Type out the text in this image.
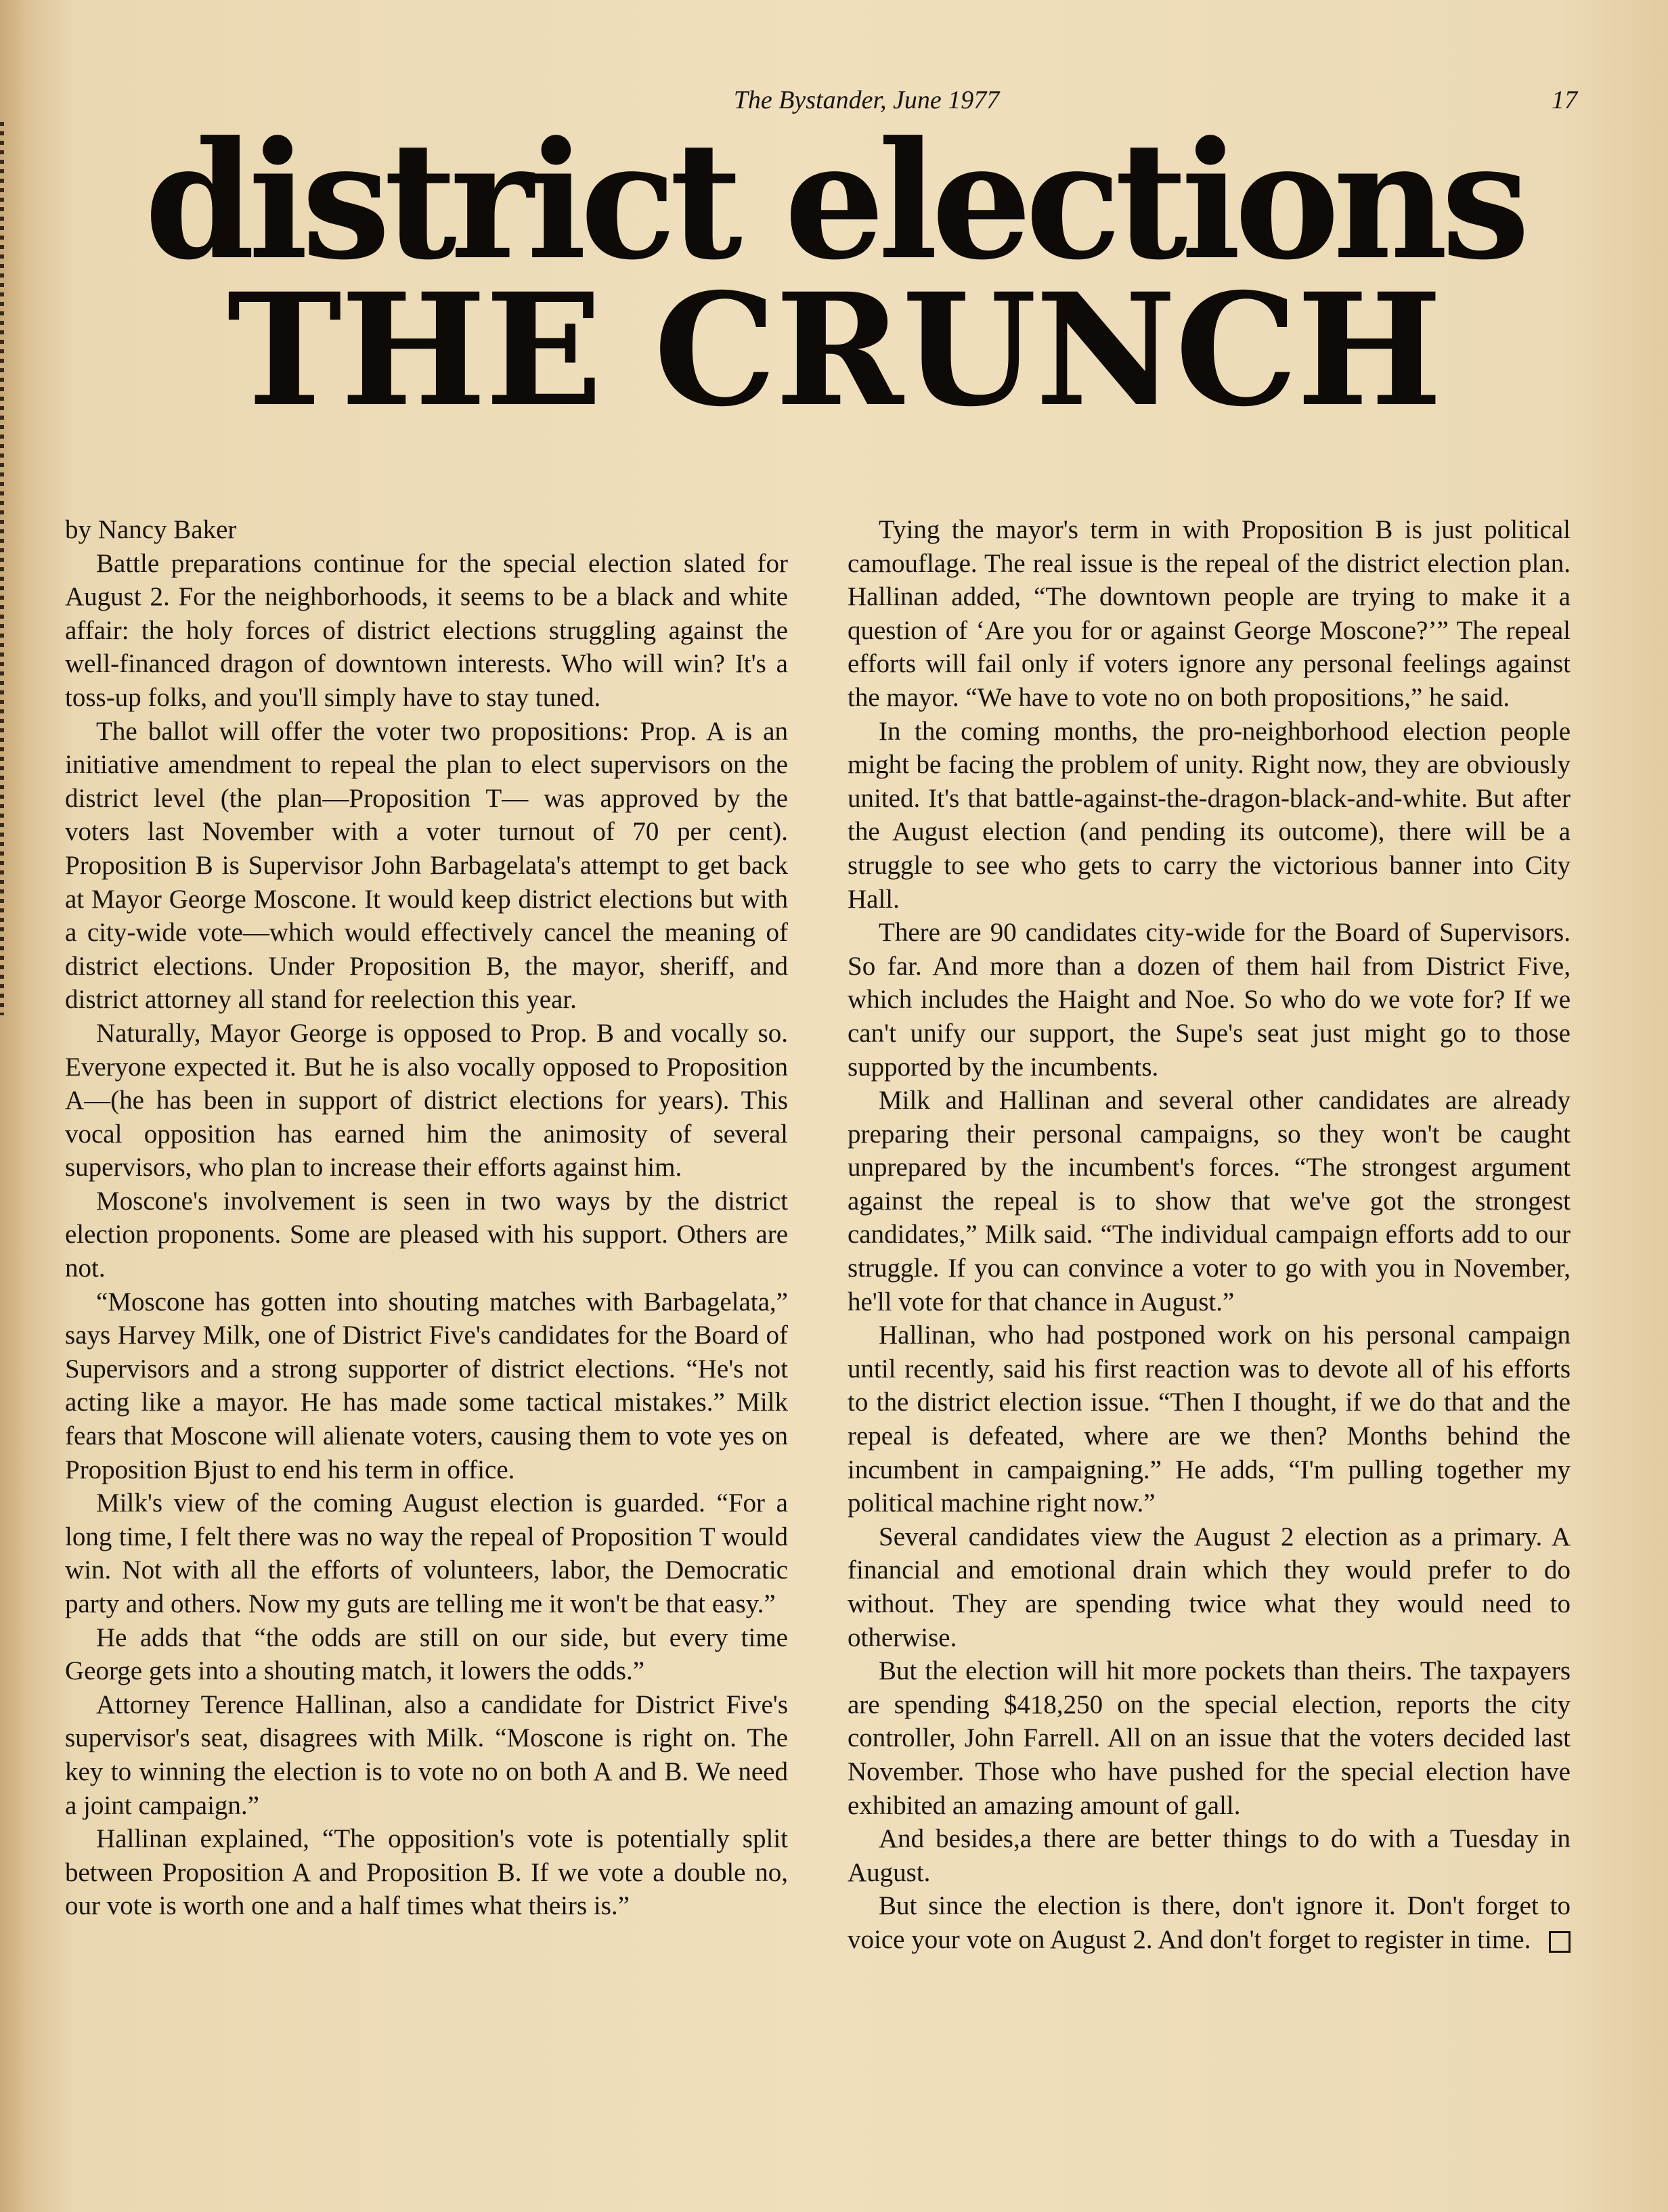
The Bystander, June 1977	17
district elections
THE CRUNCH
by Nancy Baker

Battle preparations continue for the special election slated for August 2. For the neighborhoods, it seems to be a black and white affair: the holy forces of district elections struggling against the well-financed dragon of downtown interests. Who will win? It's a toss-up folks, and you'll simply have to stay tuned.

The ballot will offer the voter two propositions: Prop. A is an initiative amendment to repeal the plan to elect supervisors on the district level (the plan—Proposition T— was approved by the voters last November with a voter turnout of 70 per cent). Proposition B is Supervisor John Barbagelata's attempt to get back at Mayor George Moscone. It would keep district elections but with a city-wide vote—which would effectively cancel the meaning of district elections. Under Proposition B, the mayor, sheriff, and district attorney all stand for reelection this year.

Naturally, Mayor George is opposed to Prop. B and vocally so. Everyone expected it. But he is also vocally opposed to Proposition A—(he has been in support of district elections for years). This vocal opposition has earned him the animosity of several supervisors, who plan to increase their efforts against him.

Moscone's involvement is seen in two ways by the district election proponents. Some are pleased with his support. Others are not.

“Moscone has gotten into shouting matches with Barbagelata,” says Harvey Milk, one of District Five's candidates for the Board of Supervisors and a strong supporter of district elections. “He's not acting like a mayor. He has made some tactical mistakes.” Milk fears that Moscone will alienate voters, causing them to vote yes on Proposition Bjust to end his term in office.

Milk's view of the coming August election is guarded. “For a long time, I felt there was no way the repeal of Proposition T would win. Not with all the efforts of volunteers, labor, the Democratic party and others. Now my guts are telling me it won't be that easy.”

He adds that “the odds are still on our side, but every time George gets into a shouting match, it lowers the odds.”

Attorney Terence Hallinan, also a candidate for District Five's supervisor's seat, disagrees with Milk. “Moscone is right on. The key to winning the election is to vote no on both A and B. We need a joint campaign.”

Hallinan explained, “The opposition's vote is potentially split between Proposition A and Proposition B. If we vote a double no, our vote is worth one and a half times what theirs is.”

Tying the mayor's term in with Proposition B is just political camouflage. The real issue is the repeal of the district election plan. Hallinan added, “The downtown people are trying to make it a question of ‘Are you for or against George Moscone?’” The repeal efforts will fail only if voters ignore any personal feelings against the mayor. “We have to vote no on both propositions,” he said.

In the coming months, the pro-neighborhood election people might be facing the problem of unity. Right now, they are obviously united. It's that battle-against-the-dragon-black-and-white. But after the August election (and pending its outcome), there will be a struggle to see who gets to carry the victorious banner into City Hall.

There are 90 candidates city-wide for the Board of Supervisors. So far. And more than a dozen of them hail from District Five, which includes the Haight and Noe. So who do we vote for? If we can't unify our support, the Supe's seat just might go to those supported by the incumbents.

Milk and Hallinan and several other candidates are already preparing their personal campaigns, so they won't be caught unprepared by the incumbent's forces. “The strongest argument against the repeal is to show that we've got the strongest candidates,” Milk said. “The individual campaign efforts add to our struggle. If you can convince a voter to go with you in November, he'll vote for that chance in August.”

Hallinan, who had postponed work on his personal campaign until recently, said his first reaction was to devote all of his efforts to the district election issue. “Then I thought, if we do that and the repeal is defeated, where are we then? Months behind the incumbent in campaigning.” He adds, “I'm pulling together my political machine right now.”

Several candidates view the August 2 election as a primary. A financial and emotional drain which they would prefer to do without. They are spending twice what they would need to otherwise.

But the election will hit more pockets than theirs. The taxpayers are spending $418,250 on the special election, reports the city controller, John Farrell. All on an issue that the voters decided last November. Those who have pushed for the special election have exhibited an amazing amount of gall.

And besides,a there are better things to do with a Tuesday in August.

But since the election is there, don't ignore it. Don't forget to voice your vote on August 2. And don't forget to register in time.
